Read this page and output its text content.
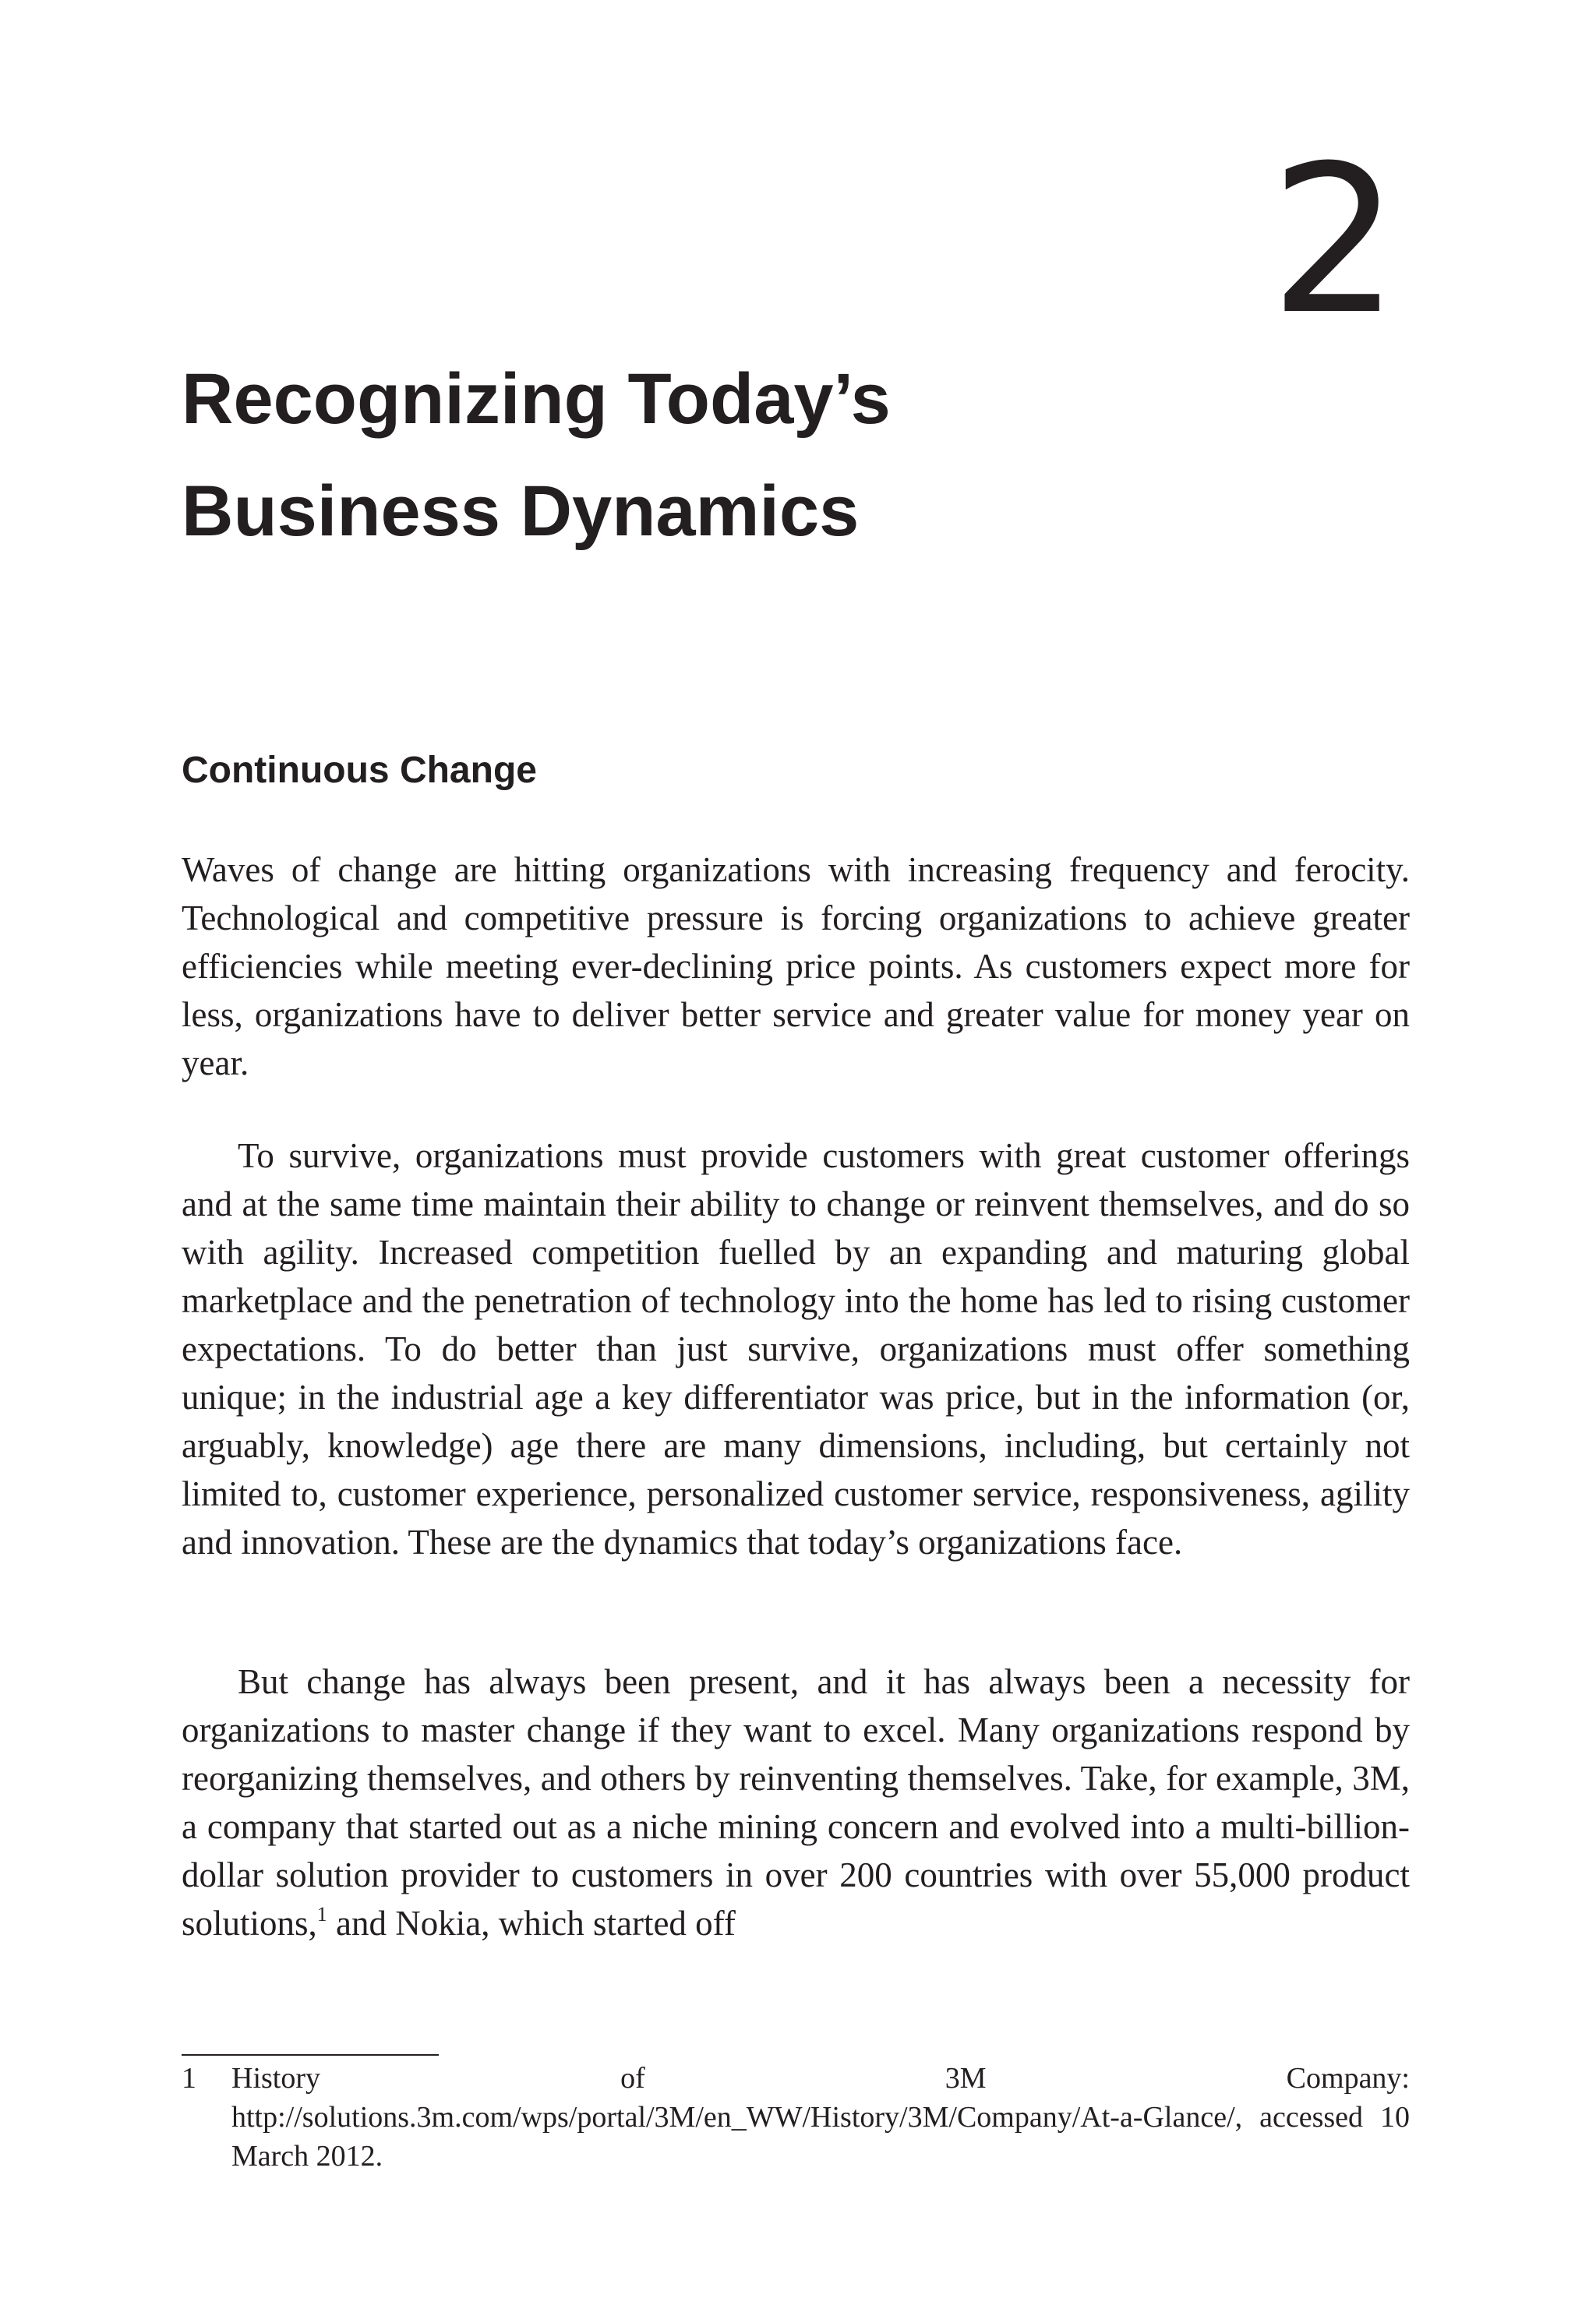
2
Recognizing Today’s
Business Dynamics
Continuous Change

Waves of change are hitting organizations with increasing frequency and ferocity. Technological and competitive pressure is forcing organizations to achieve greater efficiencies while meeting ever-declining price points. As customers expect more for less, organizations have to deliver better service and greater value for money year on year.

To survive, organizations must provide customers with great customer offerings and at the same time maintain their ability to change or reinvent themselves, and do so with agility. Increased competition fuelled by an expanding and maturing global marketplace and the penetration of technology into the home has led to rising customer expectations. To do better than just survive, organizations must offer something unique; in the industrial age a key differentiator was price, but in the information (or, arguably, knowledge) age there are many dimensions, including, but certainly not limited to, customer experience, personalized customer service, responsiveness, agility and innovation. These are the dynamics that today’s organizations face.

But change has always been present, and it has always been a necessity for organizations to master change if they want to excel. Many organizations respond by reorganizing themselves, and others by reinventing themselves. Take, for example, 3M, a company that started out as a niche mining concern and evolved into a multi-billion-dollar solution provider to customers in over 200 countries with over 55,000 product solutions,$^1$ and Nokia, which started off

1 History of 3M Company: http://solutions.3m.com/wps/portal/3M/en_WW/History/3M/Company/At-a-Glance/, accessed 10 March 2012.
